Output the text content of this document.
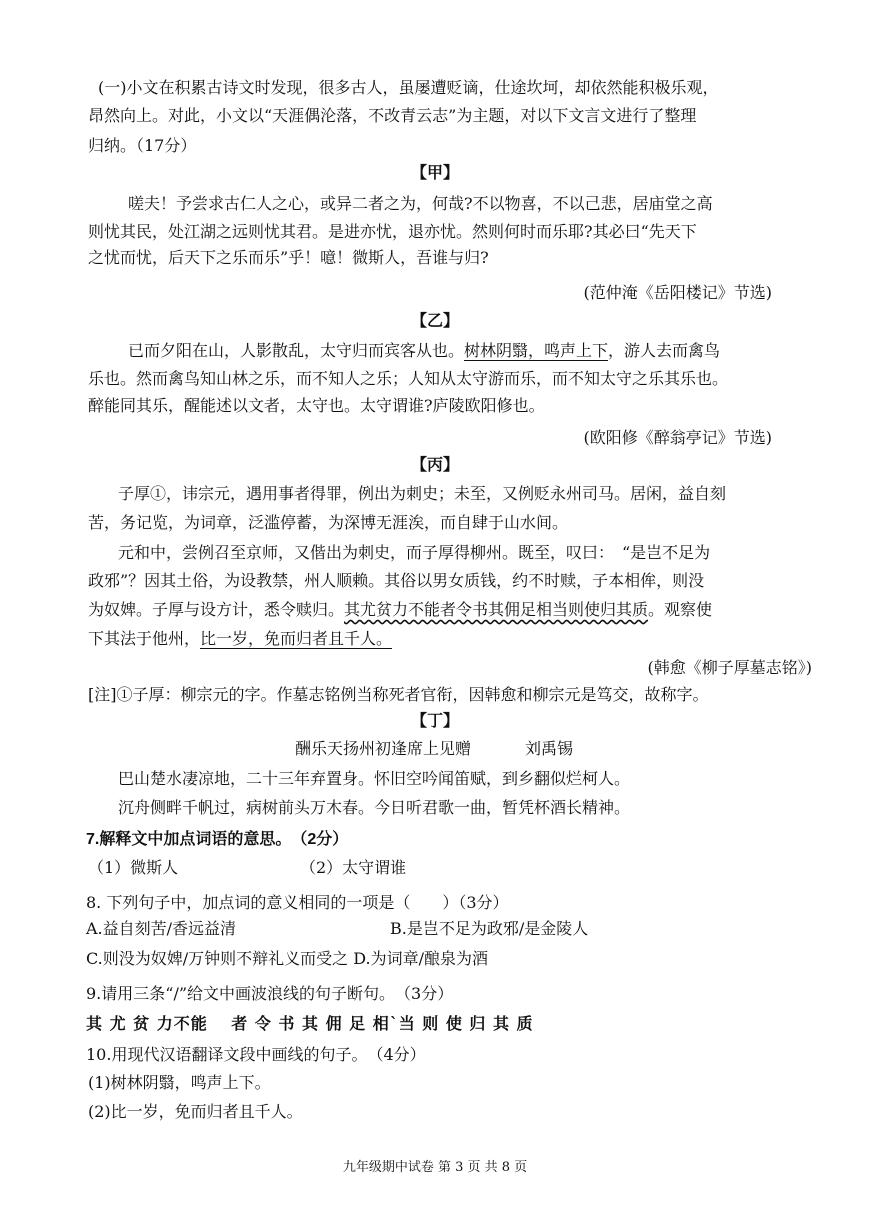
(一)小文在积累古诗文时发现，很多古人，虽屡遭贬谪，仕途坎坷，却依然能积极乐观，
昂然向上。对此，小文以“天涯偶沦落，不改青云志”为主题，对以下文言文进行了整理
归纳。（17分）
【甲】
嗟夫！予尝求古仁人之心，或异二者之为，何哉?不以物喜，不以己悲，居庙堂之高
则忧其民，处江湖之远则忧其君。是进亦忧，退亦忧。然则何时而乐耶?其必曰“先天下
之忧而忧，后天下之乐而乐”乎！噫！微斯人，吾谁与归?
(范仲淹《岳阳楼记》节选)
【乙】
已而夕阳在山，人影散乱，太守归而宾客从也。树林阴翳，鸣声上下，游人去而禽鸟
乐也。然而禽鸟知山林之乐，而不知人之乐；人知从太守游而乐，而不知太守之乐其乐也。
醉能同其乐，醒能述以文者，太守也。太守谓谁?庐陵欧阳修也。
(欧阳修《醉翁亭记》节选)
【丙】
子厚①，讳宗元，遇用事者得罪，例出为刺史；未至，又例贬永州司马。居闲，益自刻
苦，务记览，为词章，泛滥停蓄，为深博无涯涘，而自肆于山水间。
元和中，尝例召至京师，又偕出为刺史，而子厚得柳州。既至，叹曰：　“是岂不足为
政邪”？因其土俗，为设教禁，州人顺赖。其俗以男女质钱，约不时赎，子本相侔，则没
为奴婢。子厚与设方计，悉令赎归。其尤贫力不能者令书其佣足相当则使归其质。观察使
下其法于他州，比一岁，免而归者且千人。
(韩愈《柳子厚墓志铭》)
[注]①子厚：柳宗元的字。作墓志铭例当称死者官衔，因韩愈和柳宗元是笃交，故称字。
【丁】
酬乐天扬州初逢席上见赠	刘禹锡
巴山楚水凄凉地，二十三年弃置身。怀旧空吟闻笛赋，到乡翻似烂柯人。
沉舟侧畔千帆过，病树前头万木春。今日听君歌一曲，暂凭杯酒长精神。
7.解释文中加点词语的意思。　（2分）
（1）微斯人	（2）太守谓谁
8. 下列句子中，加点词的意义相同的一项是（　　）（3分）
A.益自刻苦/香远益清	B.是岂不足为政邪/是金陵人
C.则没为奴婢/万钟则不辩礼义而受之 D.为词章/酿泉为酒
9.请用三条“/”给文中画波浪线的句子断句。　（3分）
其 尤 贫 力不能　 者 令 书 其 佣 足 相`当 则 使 归 其 质
10.用现代汉语翻译文段中画线的句子。　（4分）
(1)树林阴翳，鸣声上下。
(2)比一岁，免而归者且千人。
九年级期中试卷 第 3 页 共 8 页
